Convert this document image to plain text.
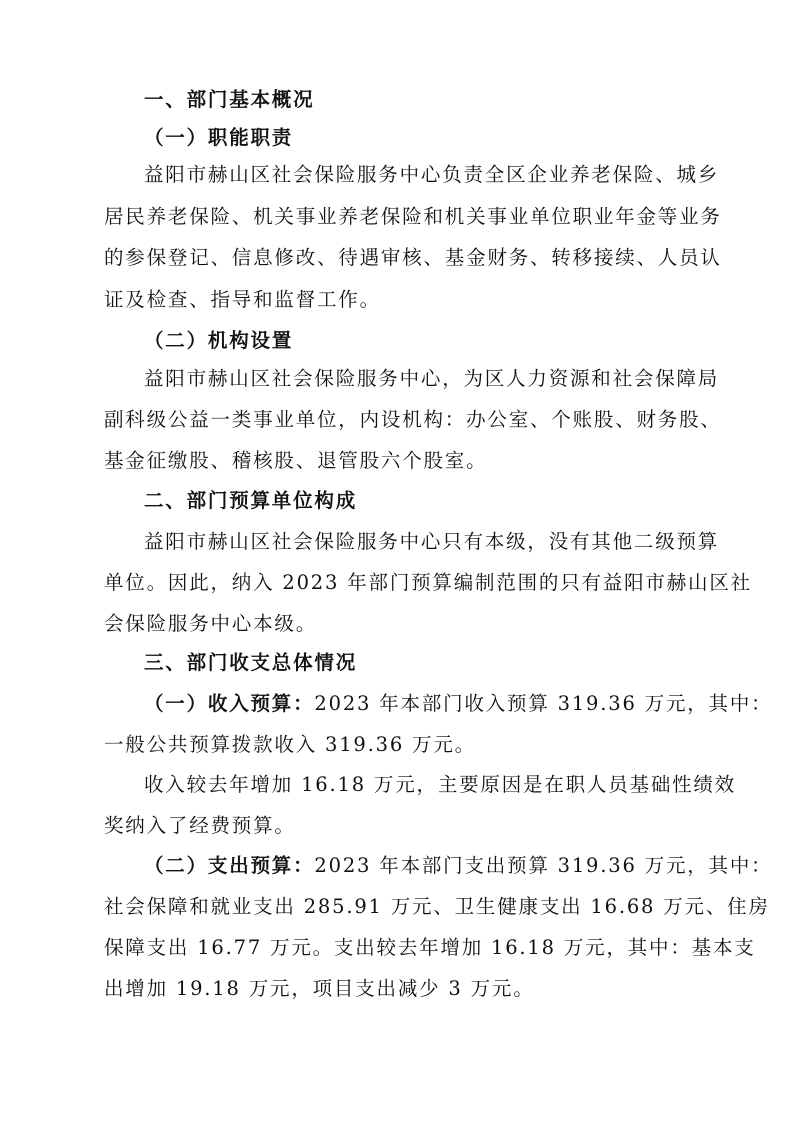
一、部门基本概况
（一）职能职责
益阳市赫山区社会保险服务中心负责全区企业养老保险、城乡
居民养老保险、机关事业养老保险和机关事业单位职业年金等业务
的参保登记、信息修改、待遇审核、基金财务、转移接续、人员认
证及检查、指导和监督工作。
（二）机构设置
益阳市赫山区社会保险服务中心，为区人力资源和社会保障局
副科级公益一类事业单位，内设机构：办公室、个账股、财务股、
基金征缴股、稽核股、退管股六个股室。
二、部门预算单位构成
益阳市赫山区社会保险服务中心只有本级，没有其他二级预算
单位。因此，纳入 2023 年部门预算编制范围的只有益阳市赫山区社
会保险服务中心本级。
三、部门收支总体情况
（一）收入预算：2023 年本部门收入预算 319.36 万元，其中：
一般公共预算拨款收入 319.36 万元。
收入较去年增加 16.18 万元，主要原因是在职人员基础性绩效
奖纳入了经费预算。
（二）支出预算：2023 年本部门支出预算 319.36 万元，其中：
社会保障和就业支出 285.91 万元、卫生健康支出 16.68 万元、住房
保障支出 16.77 万元。支出较去年增加 16.18 万元，其中：基本支
出增加 19.18 万元，项目支出减少 3 万元。
